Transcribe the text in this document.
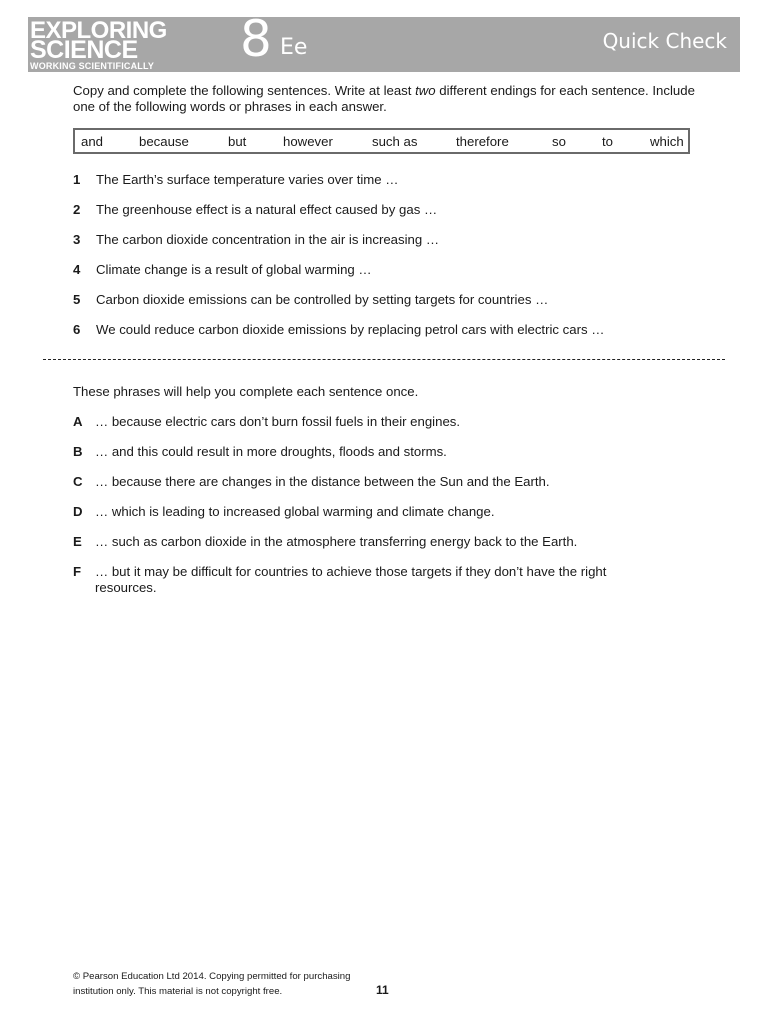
EXPLORING
SCIENCE
WORKING SCIENTIFICALLY 8 Ee	Quick Check
Copy and complete the following sentences. Write at least two different endings for each sentence. Include one of the following words or phrases in each answer.
and	because	but	however	such as	therefore	so	to	which
1 The Earth’s surface temperature varies over time …
2 The greenhouse effect is a natural effect caused by gas …
3 The carbon dioxide concentration in the air is increasing …
4 Climate change is a result of global warming …
5 Carbon dioxide emissions can be controlled by setting targets for countries …
6 We could reduce carbon dioxide emissions by replacing petrol cars with electric cars …
These phrases will help you complete each sentence once.
A … because electric cars don’t burn fossil fuels in their engines.
B … and this could result in more droughts, floods and storms.
C … because there are changes in the distance between the Sun and the Earth.
D … which is leading to increased global warming and climate change.
E … such as carbon dioxide in the atmosphere transferring energy back to the Earth.
F … but it may be difficult for countries to achieve those targets if they don’t have the right resources.
© Pearson Education Ltd 2014. Copying permitted for purchasing institution only. This material is not copyright free.	11
